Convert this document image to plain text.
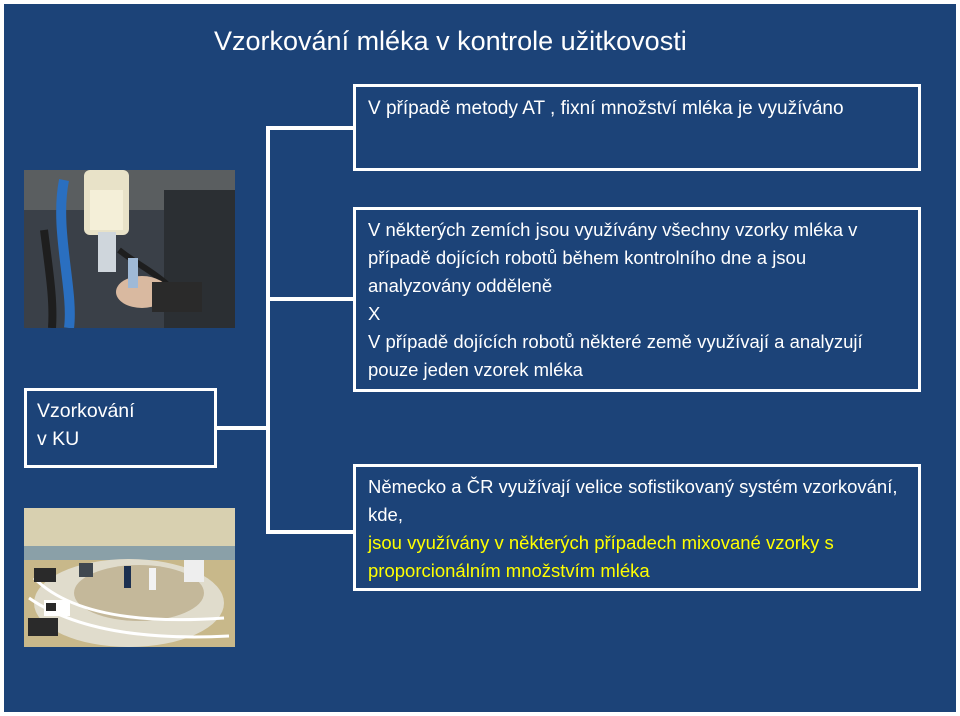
Vzorkování mléka v kontrole užitkovosti

Vzorkování

v KU

V případě metody AT , fixní množství mléka je využíváno

V některých zemích jsou využívány všechny vzorky mléka v případě dojících robotů během kontrolního dne a jsou analyzovány odděleně

X

V případě dojících robotů některé země využívají a analyzují pouze jeden vzorek mléka

Německo a ČR využívají velice sofistikovaný systém vzorkování, kde,

jsou využívány v některých případech mixované vzorky s proporcionálním množstvím mléka
